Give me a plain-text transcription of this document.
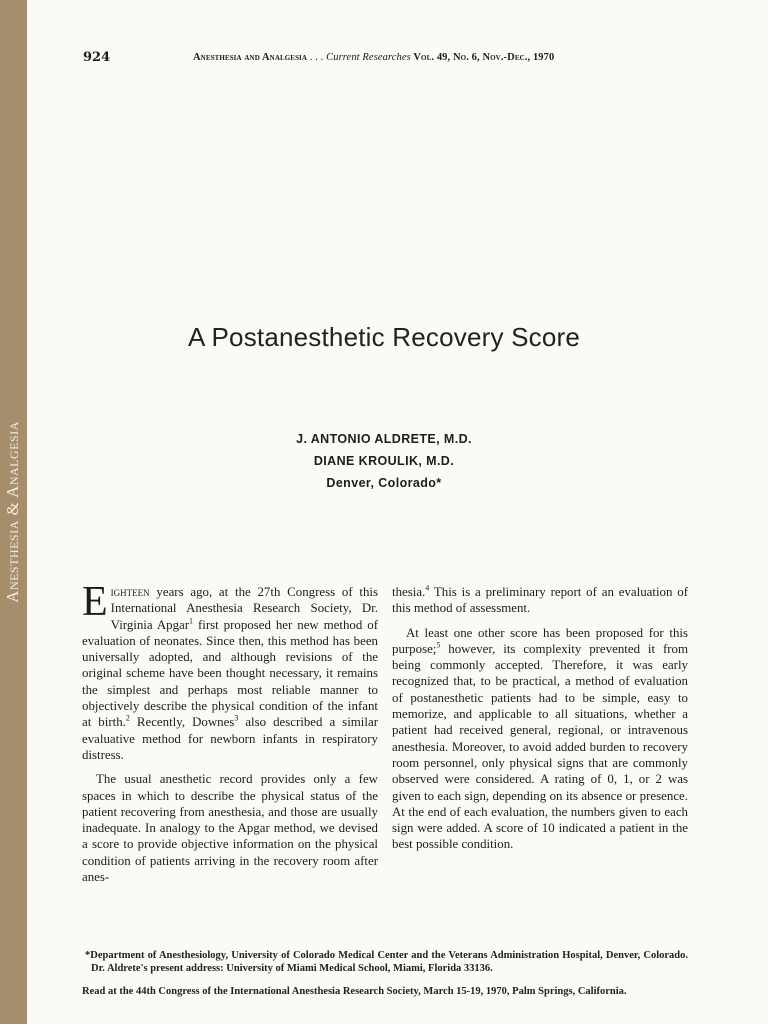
Anesthesia & Analgesia
924	Anesthesia and Analgesia . . . Current Researches Vol. 49, No. 6, Nov.-Dec., 1970
A Postanesthetic Recovery Score
J. ANTONIO ALDRETE, M.D.
DIANE KROULIK, M.D.
Denver, Colorado*

Eighteen years ago, at the 27th Congress of this International Anesthesia Research Society, Dr. Virginia Apgar$^1$ first proposed her new method of evaluation of neonates. Since then, this method has been universally adopted, and although revisions of the original scheme have been thought necessary, it remains the simplest and perhaps most reliable manner to objectively describe the physical condition of the infant at birth.$^2$ Recently, Downes$^3$ also described a similar evaluative method for newborn infants in respiratory distress.

The usual anesthetic record provides only a few spaces in which to describe the physical status of the patient recovering from anesthesia, and those are usually inadequate. In analogy to the Apgar method, we devised a score to provide objective information on the physical condition of patients arriving in the recovery room after anes-

thesia.$^4$ This is a preliminary report of an evaluation of this method of assessment.

At least one other score has been proposed for this purpose;$^5$ however, its complexity prevented it from being commonly accepted. Therefore, it was early recognized that, to be practical, a method of evaluation of postanesthetic patients had to be simple, easy to memorize, and applicable to all situations, whether a patient had received general, regional, or intravenous anesthesia. Moreover, to avoid added burden to recovery room personnel, only physical signs that are commonly observed were considered. A rating of 0, 1, or 2 was given to each sign, depending on its absence or presence. At the end of each evaluation, the numbers given to each sign were added. A score of 10 indicated a patient in the best possible condition.

*Department of Anesthesiology, University of Colorado Medical Center and the Veterans Administration Hospital, Denver, Colorado. Dr. Aldrete's present address: University of Miami Medical School, Miami, Florida 33136.

Read at the 44th Congress of the International Anesthesia Research Society, March 15-19, 1970, Palm Springs, California.
